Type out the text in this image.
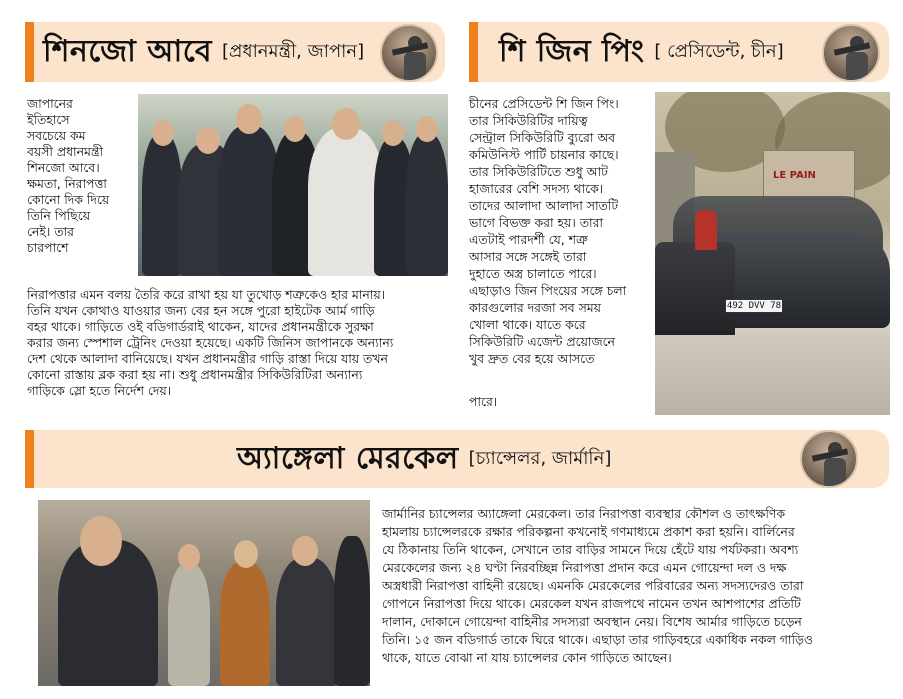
শিনজো আবে [প্রধানমন্ত্রী, জাপান]
জাপানের
ইতিহাসে
সবচেয়ে কম
বয়সী প্রধানমন্ত্রী
শিনজো আবে।
ক্ষমতা, নিরাপত্তা
কোনো দিক দিয়ে
তিনি পিছিয়ে
নেই। তার
চারপাশে
নিরাপত্তার এমন বলয় তৈরি করে রাখা হয় যা তুখোড় শত্রুকেও হার মানায়।
তিনি যখন কোথাও যাওয়ার জন্য বের হন সঙ্গে পুরো হাইটেক আর্ম গাড়ি
বহর থাকে। গাড়িতে ওই বডিগার্ডরাই থাকেন, যাদের প্রধানমন্ত্রীকে সুরক্ষা
করার জন্য স্পেশাল ট্রেনিং দেওয়া হয়েছে। একটি জিনিস জাপানকে অন্যান্য
দেশ থেকে আলাদা বানিয়েছে। যখন প্রধানমন্ত্রীর গাড়ি রাস্তা দিয়ে যায় তখন
কোনো রাস্তায় ব্লক করা হয় না। শুধু প্রধানমন্ত্রীর সিকিউরিটিরা অন্যান্য
গাড়িকে স্লো হতে নির্দেশ দেয়।
শি জিন পিং [ প্রেসিডেন্ট, চীন]
চীনের প্রেসিডেন্ট শি জিন পিং।
তার সিকিউরিটির দায়িত্ব
সেন্ট্রাল সিকিউরিটি ব্যুরো অব
কমিউনিস্ট পার্টি চায়নার কাছে।
তার সিকিউরিটিতে শুধু আট
হাজারের বেশি সদস্য থাকে।
তাদের আলাদা আলাদা সাতটি
ভাগে বিভক্ত করা হয়। তারা
এতটাই পারদর্শী যে, শত্রু
আসার সঙ্গে সঙ্গেই তারা
দুহাতে অস্ত্র চালাতে পারে।
এছাড়াও জিন পিংয়ের সঙ্গে চলা
কারগুলোর দরজা সব সময়
খোলা থাকে। যাতে করে
সিকিউরিটি এজেন্ট প্রয়োজনে
খুব দ্রুত বের হয়ে আসতে
পারে।
LE PAIN
492 DVV 78
অ্যাঙ্গেলা মেরকেল [চ্যান্সেলর, জার্মানি]
জার্মানির চ্যান্সেলর অ্যাঙ্গেলা মেরকেল। তার নিরাপত্তা ব্যবস্থার কৌশল ও তাৎক্ষণিক
হামলায় চ্যান্সেলরকে রক্ষার পরিকল্পনা কখনোই গণমাধ্যমে প্রকাশ করা হয়নি। বার্লিনের
যে ঠিকানায় তিনি থাকেন, সেখানে তার বাড়ির সামনে দিয়ে হেঁটে যায় পর্যটকরা। অবশ্য
মেরকেলের জন্য ২৪ ঘণ্টা নিরবচ্ছিন্ন নিরাপত্তা প্রদান করে এমন গোয়েন্দা দল ও দক্ষ
অস্ত্রধারী নিরাপত্তা বাহিনী রয়েছে। এমনকি মেরকেলের পরিবারের অন্য সদস্যদেরও তারা
গোপনে নিরাপত্তা দিয়ে থাকে। মেরকেল যখন রাজপথে নামেন তখন আশপাশের প্রতিটি
দালান, দোকানে গোয়েন্দা বাহিনীর সদস্যরা অবস্থান নেয়। বিশেষ আর্মার গাড়িতে চড়েন
তিনি। ১৫ জন বডিগার্ড তাকে ঘিরে থাকে। এছাড়া তার গাড়িবহরে একাধিক নকল গাড়িও
থাকে, যাতে বোঝা না যায় চ্যান্সেলর কোন গাড়িতে আছেন।
